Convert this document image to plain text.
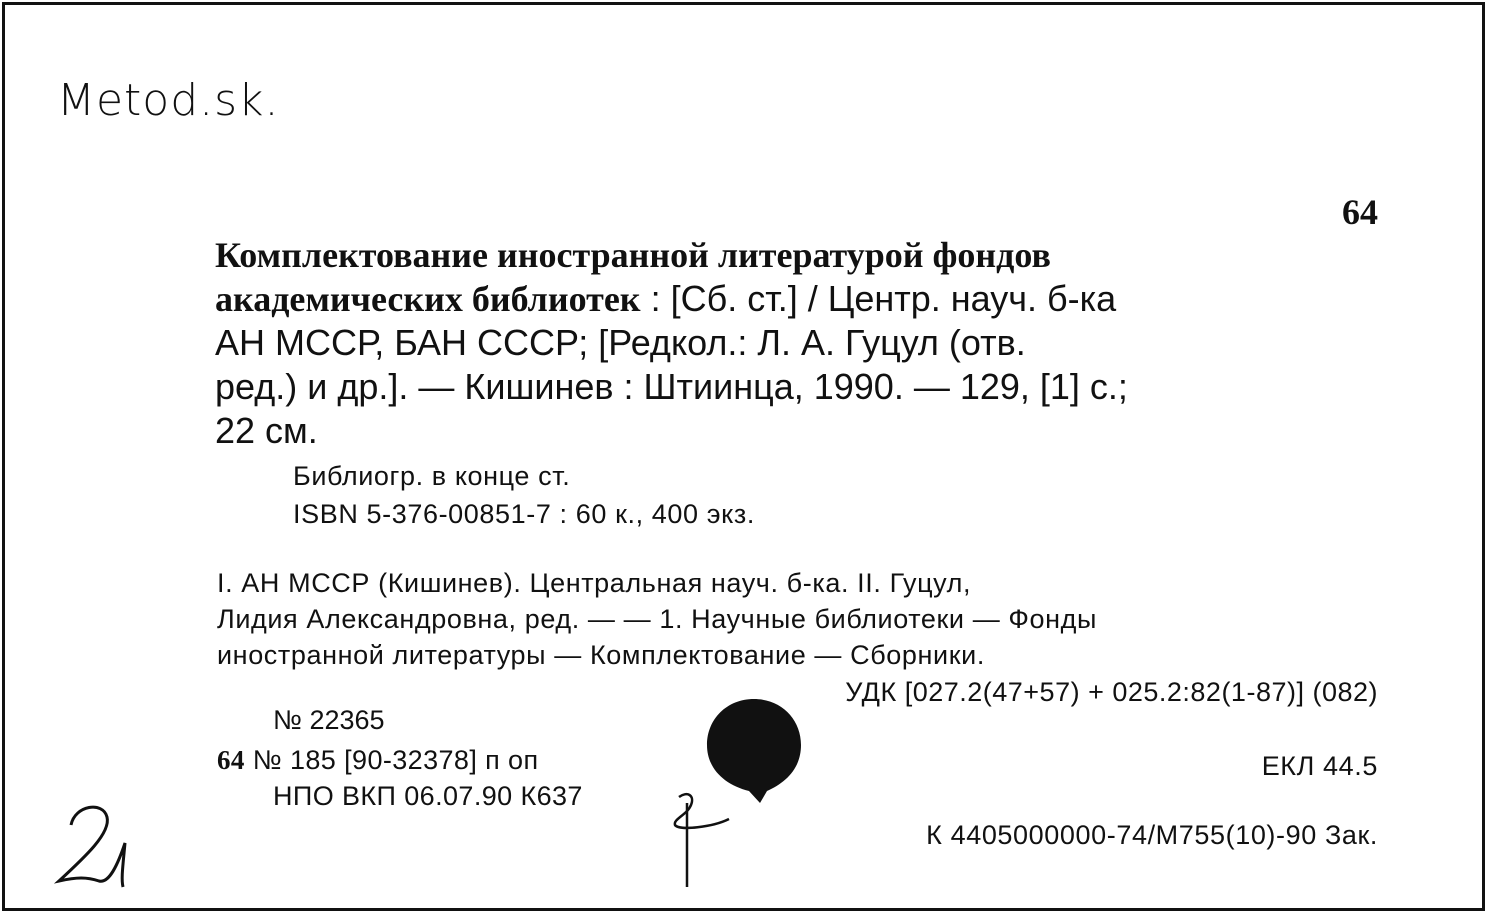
Metod.sk.
64
Комплектование иностранной литературой фондов
академических библиотек : [Сб. ст.] / Центр. науч. б-ка
АН МССР, БАН СССР; [Редкол.: Л. А. Гуцул (отв.
ред.) и др.]. — Кишинев : Штиинца, 1990. — 129, [1] с.;
22 см.
Библиогр. в конце ст.
ISBN 5-376-00851-7 : 60 к., 400 экз.
I. АН МССР (Кишинев). Центральная науч. б-ка. II. Гуцул,
Лидия Александровна, ред. — — 1. Научные библиотеки — Фонды
иностранной литературы — Комплектование — Сборники.
УДК [027.2(47+57) + 025.2:82(1-87)] (082)
№ 22365
64 № 185 [90-32378] п оп	ЕКЛ 44.5
НПО ВКП 06.07.90 К637
К 4405000000-74/М755(10)-90 Зак.
